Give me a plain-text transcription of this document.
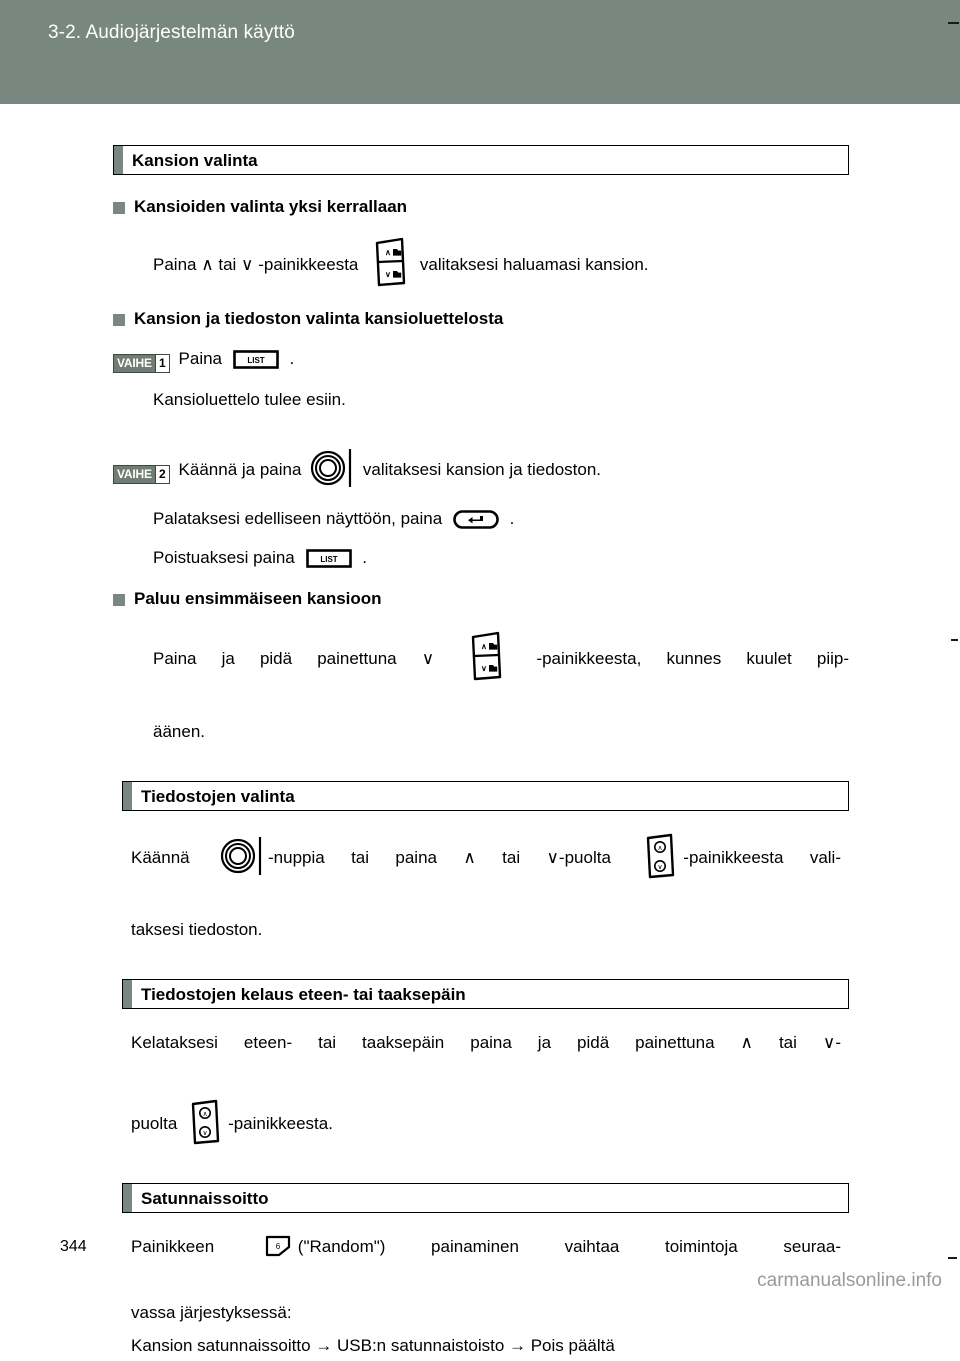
3-2. Audiojärjestelmän käyttö
Kansion valinta
Kansioiden valinta yksi kerrallaan
Paina ∧ tai ∨ -painikkeesta
∧
∨
valitaksesi haluamasi kansion.
Kansion ja tiedoston valinta kansioluettelosta
VAIHE 1 Paina	LIST .
Kansioluettelo tulee esiin.
VAIHE 2 Käännä ja paina	valitaksesi kansion ja tiedoston.
Palataksesi edelliseen näyttöön, paina	.
Poistuaksesi paina	LIST .
Paluu ensimmäiseen kansioon
Paina ja pidä painettuna ∨
∧
∨
-painikkeesta, kunnes kuulet piip-
äänen.
Tiedostojen valinta
Käännä	-nuppia tai paina ∧ tai ∨-puolta	∧
∨
-painikkeesta vali-
taksesi tiedoston.
Tiedostojen kelaus eteen- tai taaksepäin
Kelataksesi eteen- tai taaksepäin paina ja pidä painettuna ∧ tai ∨-
puolta	∧
∨
-painikkeesta.
Satunnaissoitto
Painikkeen	6 ("Random") painaminen vaihtaa toimintoja seuraa-
vassa järjestyksessä:
Kansion satunnaissoitto → USB:n satunnaistoisto → Pois päältä
344
carmanualsonline.info
